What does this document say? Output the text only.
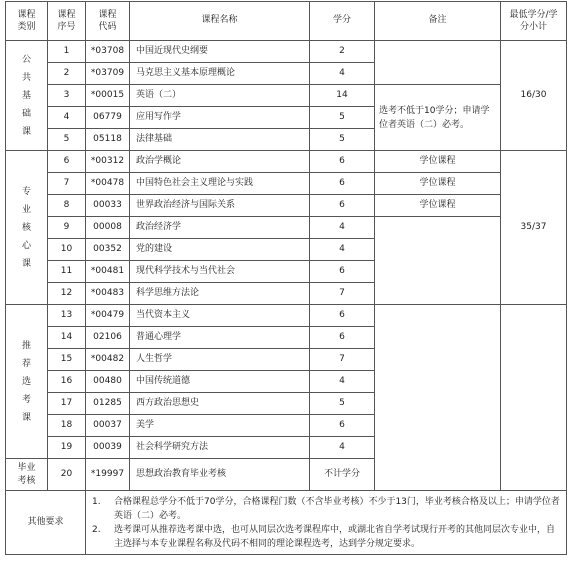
课程类别	课程序号	课程代码	课程名称	学分	备注	最低学分/学分小计

公共基础课	1	*03708	中国近现代史纲要	2		16/30
	2	*03709	马克思主义基本原理概论	4		
	3	*00015	英语（二）	14	选考不低于10学分；申请学位者英语（二）必考。	
	4	06779	应用写作学	5		
	5	05118	法律基础	5		

专业核心课	6	*00312	政治学概论	6	学位课程	35/37
	7	*00478	中国特色社会主义理论与实践	6	学位课程	
	8	00033	世界政治经济与国际关系	6	学位课程	
	9	00008	政治经济学	4		
	10	00352	党的建设	4		
	11	*00481	现代科学技术与当代社会	6		
	12	*00483	科学思维方法论	7		

推荐选考课	13	*00479	当代资本主义	6		
	14	02106	普通心理学	6		
	15	*00482	人生哲学	7		
	16	00480	中国传统道德	4		
	17	01285	西方政治思想史	5		
	18	00037	美学	6		
	19	00039	社会科学研究方法	4		

毕业考核	20	*19997	思想政治教育毕业考核	不计学分		
其他要求		1. 合格课程总学分不低于70学分，合格课程门数（不含毕业考核）不少于13门，毕业考核合格及以上；申请学位者英语（二）必考。
2. 选考课可从推荐选考课中选，也可从同层次选考课程库中，或湖北省自学考试现行开考的其他同层次专业中，自主选择与本专业课程名称及代码不相同的理论课程选考，达到学分规定要求。				
